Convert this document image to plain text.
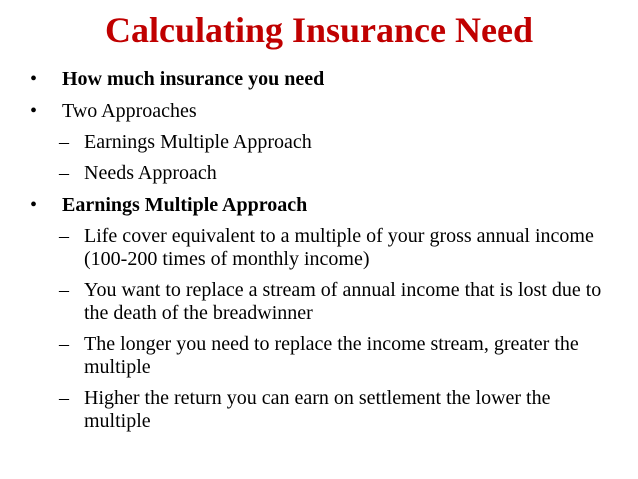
Calculating Insurance Need
•	How much insurance you need
•	Two Approaches
– Earnings Multiple Approach
– Needs Approach
•	Earnings Multiple Approach
– Life cover equivalent to a multiple of your gross annual income (100-200 times of monthly income)
– You want to replace a stream of annual income that is lost due to the death of the breadwinner
– The longer you need to replace the income stream, greater the multiple
– Higher the return you can earn on settlement the lower the multiple
